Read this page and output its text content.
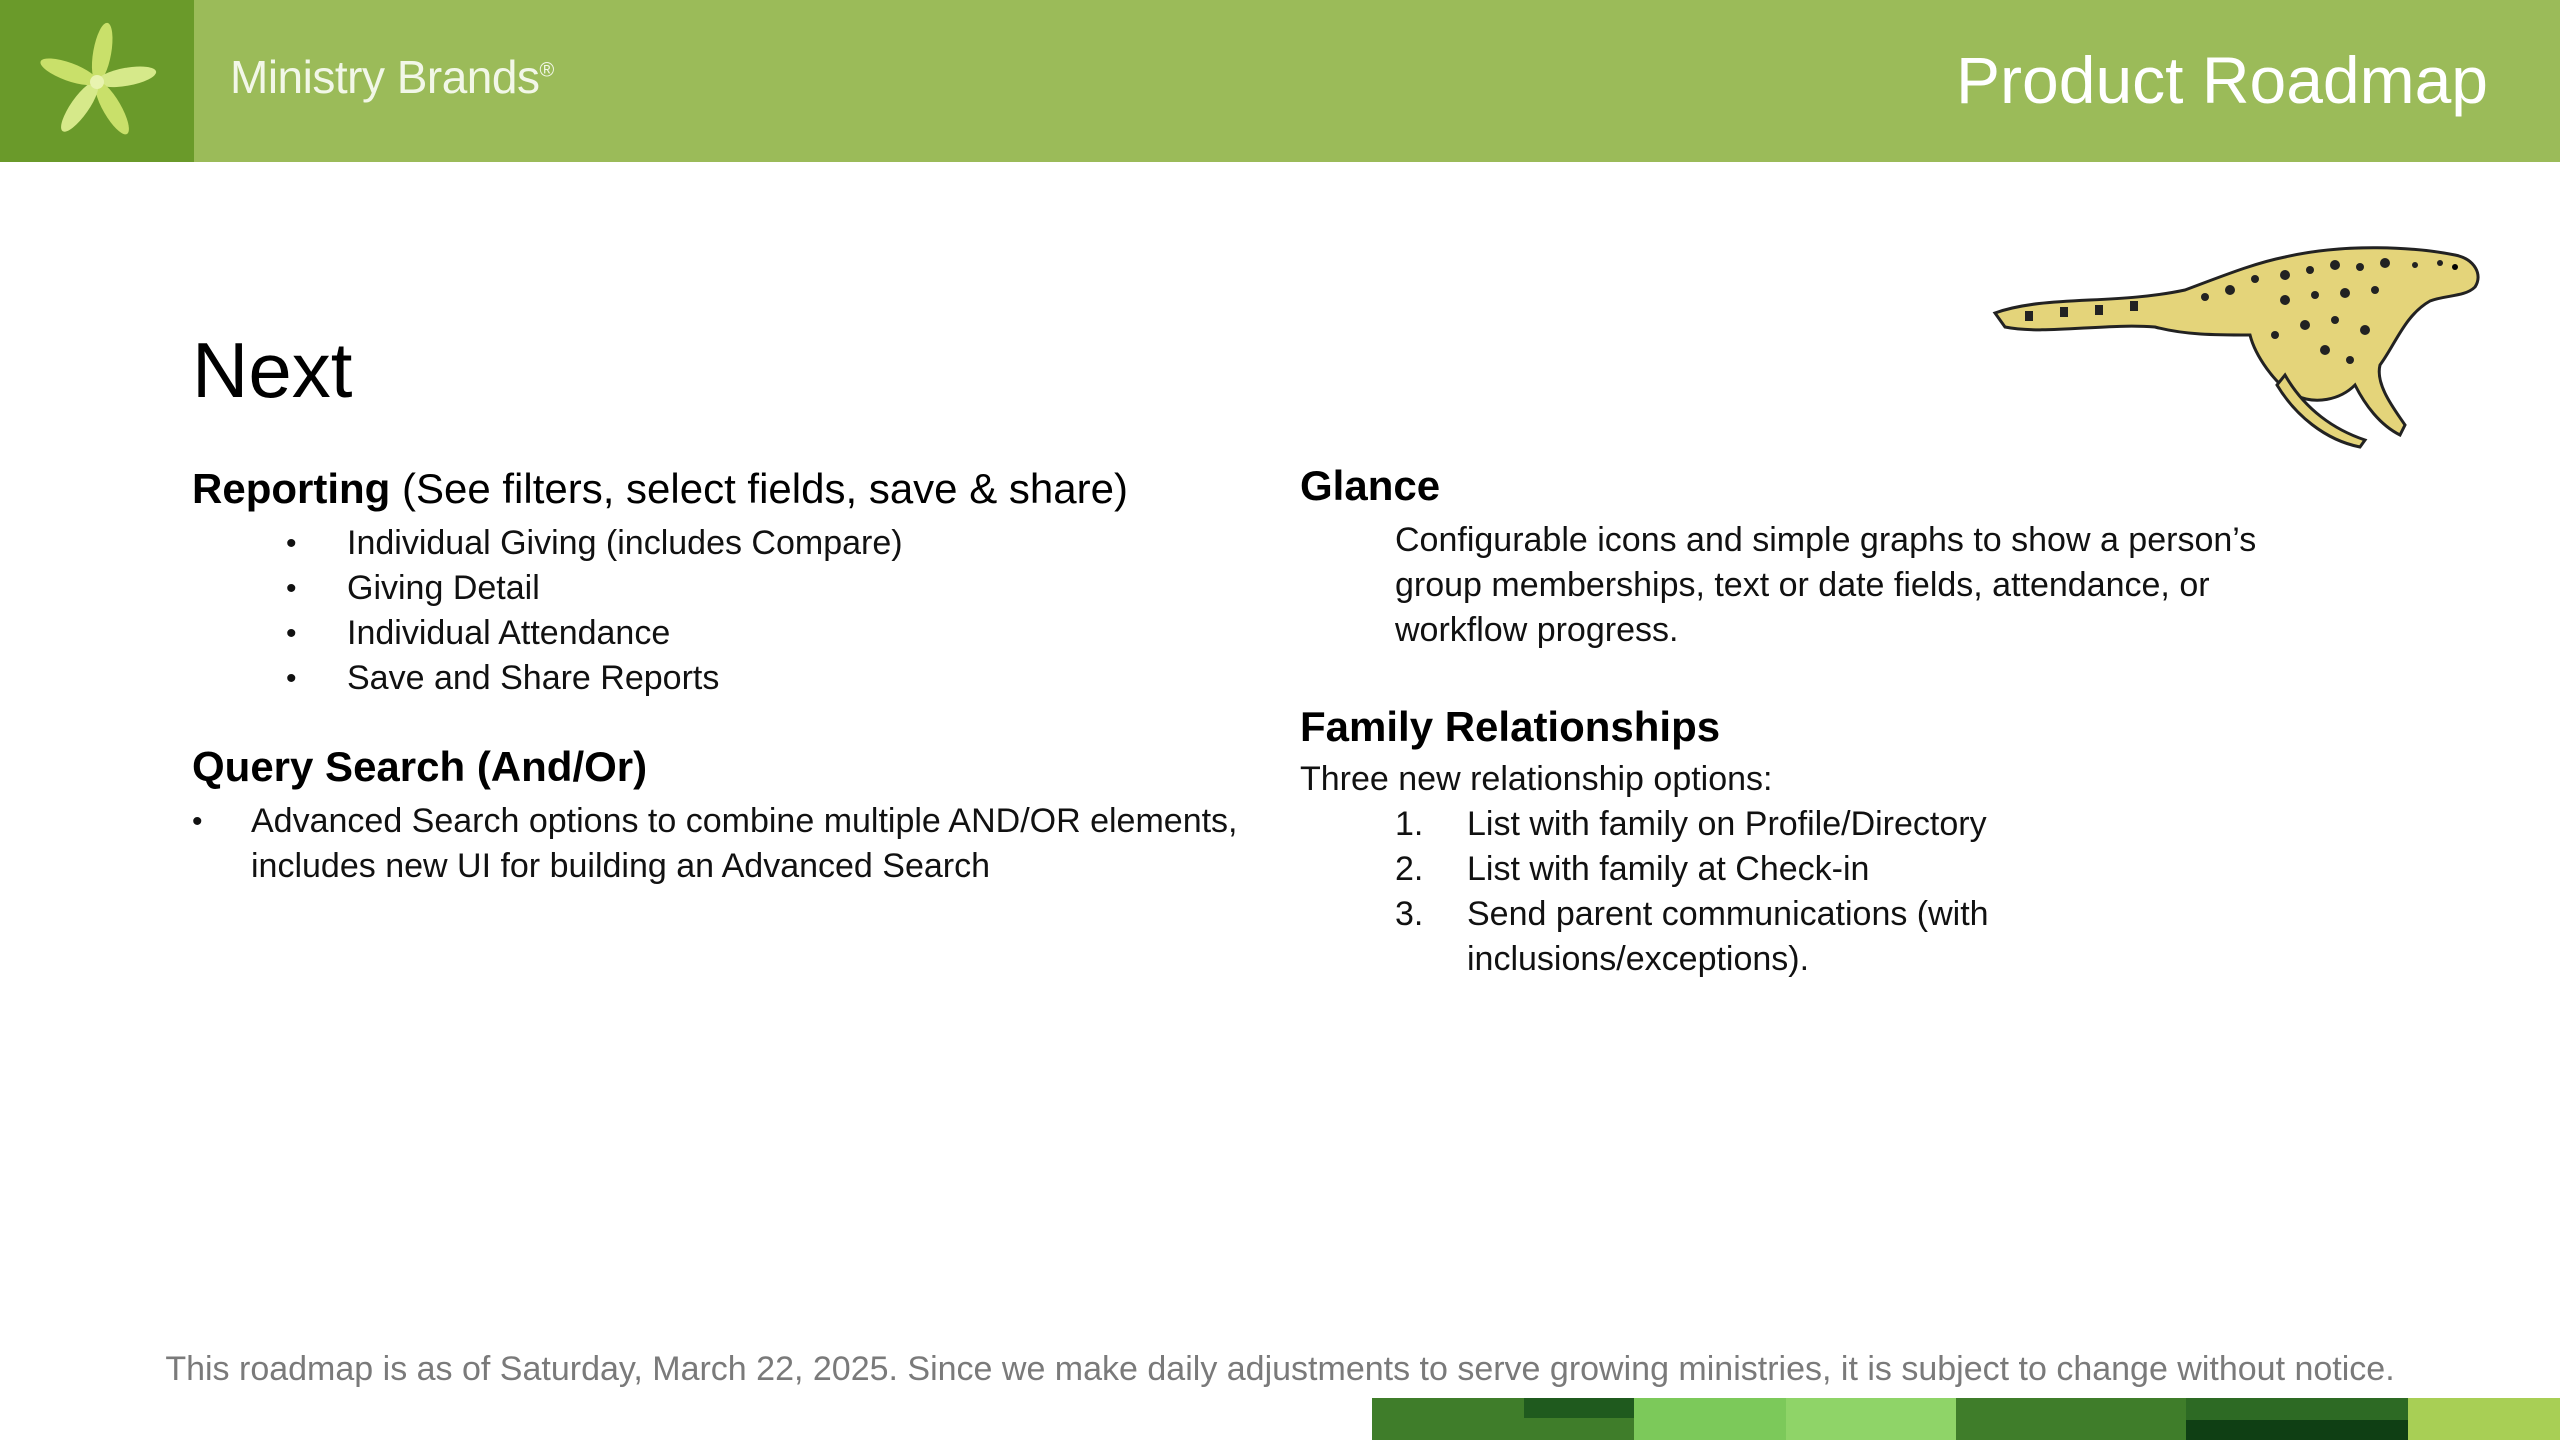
Ministry Brands®	Product Roadmap
Next
Reporting (See filters, select fields, save & share)
• Individual Giving (includes Compare)
• Giving Detail
• Individual Attendance
• Save and Share Reports
Query Search (And/Or)
• Advanced Search options to combine multiple AND/OR elements, includes new UI for building an Advanced Search
Glance
Configurable icons and simple graphs to show a person’s group memberships, text or date fields, attendance, or workflow progress.
Family Relationships
Three new relationship options:
1. List with family on Profile/Directory
2. List with family at Check-in
3. Send parent communications (with inclusions/exceptions).
This roadmap is as of Saturday, March 22, 2025. Since we make daily adjustments to serve growing ministries, it is subject to change without notice.
